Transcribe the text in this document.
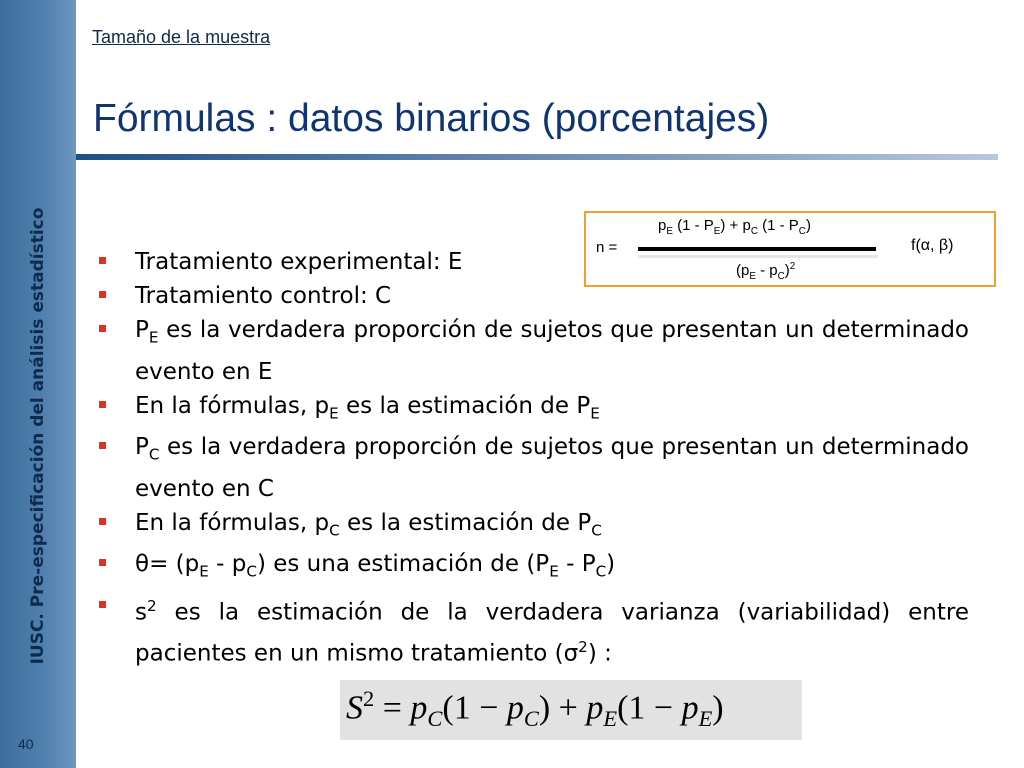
IUSC. Pre-especificación del análisis estadístico
40
Tamaño de la muestra
Fórmulas : datos binarios (porcentajes)
$p_E$ $(1 - P_E) + p_C$ $(1 - P_C)$
n =
$(p_E - p_C)^2$
f(α, β)
Tratamiento experimental: E
Tratamiento control: C
$P_E$ es la verdadera proporción de sujetos que presentan un determinado evento en E
En la fórmulas, $p_E$ es la estimación de $P_E$
$P_C$ es la verdadera proporción de sujetos que presentan un determinado evento en C
En la fórmulas, $p_C$ es la estimación de $P_C$
$\theta= (p_E - p_C)$ es una estimación de $(P_E - P_C)$
$s^2$ es la estimación de la verdadera varianza (variabilidad) entre pacientes en un mismo tratamiento $(\sigma^2)$ :
$S^2 = p_C(1 - p_C) + p_E(1 - p_E)$
